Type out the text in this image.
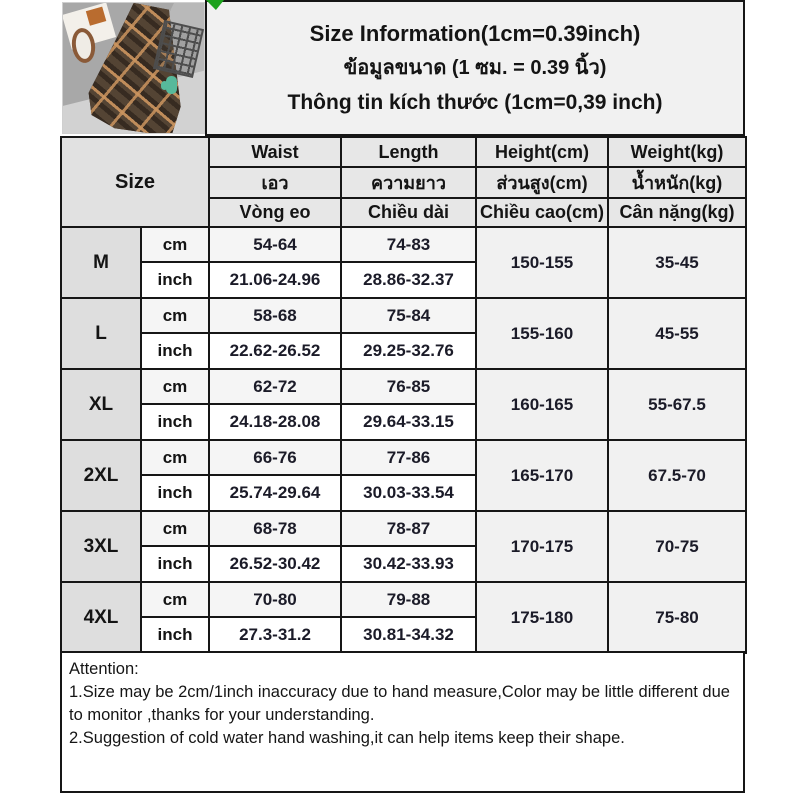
Size Information(1cm=0.39inch)
ข้อมูลขนาด (1 ซม. = 0.39 นิ้ว)
Thông tin kích thước (1cm=0,39 inch)
Size		Waist	Length	Height(cm)	Weight(kg)
		เอว	ความยาว	ส่วนสูง(cm)	น้ำหนัก(kg)
		Vòng eo	Chiều dài	Chiều cao(cm)	Cân nặng(kg)
M	cm	54-64	74-83	150-155	35-45
	inch	21.06-24.96	28.86-32.37		
L	cm	58-68	75-84	155-160	45-55
	inch	22.62-26.52	29.25-32.76		
XL	cm	62-72	76-85	160-165	55-67.5
	inch	24.18-28.08	29.64-33.15		
2XL	cm	66-76	77-86	165-170	67.5-70
	inch	25.74-29.64	30.03-33.54		
3XL	cm	68-78	78-87	170-175	70-75
	inch	26.52-30.42	30.42-33.93		
4XL	cm	70-80	79-88	175-180	75-80
	inch	27.3-31.2	30.81-34.32		
Attention:
1.Size may be 2cm/1inch inaccuracy due to hand measure,Color may be little different due
to monitor ,thanks for your understanding.
2.Suggestion of cold water hand washing,it can help items keep their shape.
